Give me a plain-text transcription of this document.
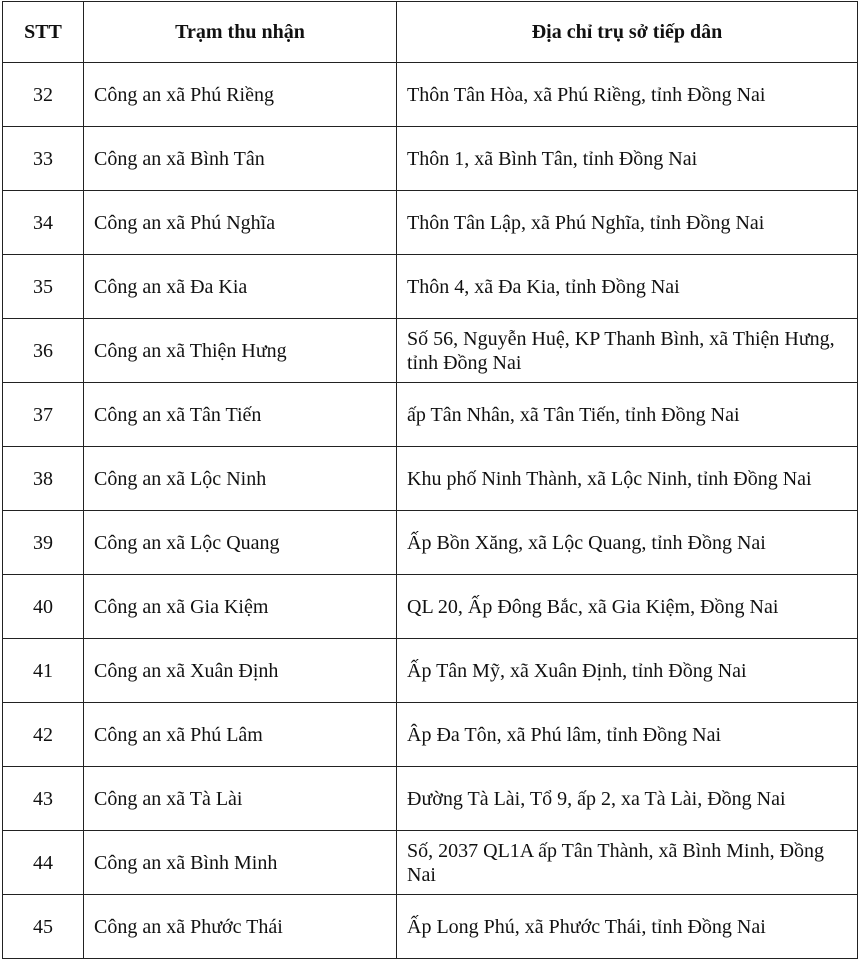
STT	Trạm thu nhận	Địa chỉ trụ sở tiếp dân
32	Công an xã Phú Riềng	Thôn Tân Hòa, xã Phú Riềng, tỉnh Đồng Nai
33	Công an xã Bình Tân	Thôn 1, xã Bình Tân, tỉnh Đồng Nai
34	Công an xã Phú Nghĩa	Thôn Tân Lập, xã Phú Nghĩa, tỉnh Đồng Nai
35	Công an xã Đa Kia	Thôn 4, xã Đa Kia, tỉnh Đồng Nai
36	Công an xã Thiện Hưng	Số 56, Nguyễn Huệ, KP Thanh Bình, xã Thiện Hưng, tỉnh Đồng Nai
37	Công an xã Tân Tiến	ấp Tân Nhân, xã Tân Tiến, tỉnh Đồng Nai
38	Công an xã Lộc Ninh	Khu phố Ninh Thành, xã Lộc Ninh, tỉnh Đồng Nai
39	Công an xã Lộc Quang	Ấp Bồn Xăng, xã Lộc Quang, tỉnh Đồng Nai
40	Công an xã Gia Kiệm	QL 20, Ấp Đông Bắc, xã Gia Kiệm, Đồng Nai
41	Công an xã Xuân Định	Ấp Tân Mỹ, xã Xuân Định, tỉnh Đồng Nai
42	Công an xã Phú Lâm	Âp Đa Tôn, xã Phú lâm, tỉnh Đồng Nai
43	Công an xã Tà Lài	Đường Tà Lài, Tổ 9, ấp 2, xa Tà Lài, Đồng Nai
44	Công an xã Bình Minh	Số, 2037 QL1A ấp Tân Thành, xã Bình Minh, Đồng Nai
45	Công an xã Phước Thái	Ấp Long Phú, xã Phước Thái, tỉnh Đồng Nai
